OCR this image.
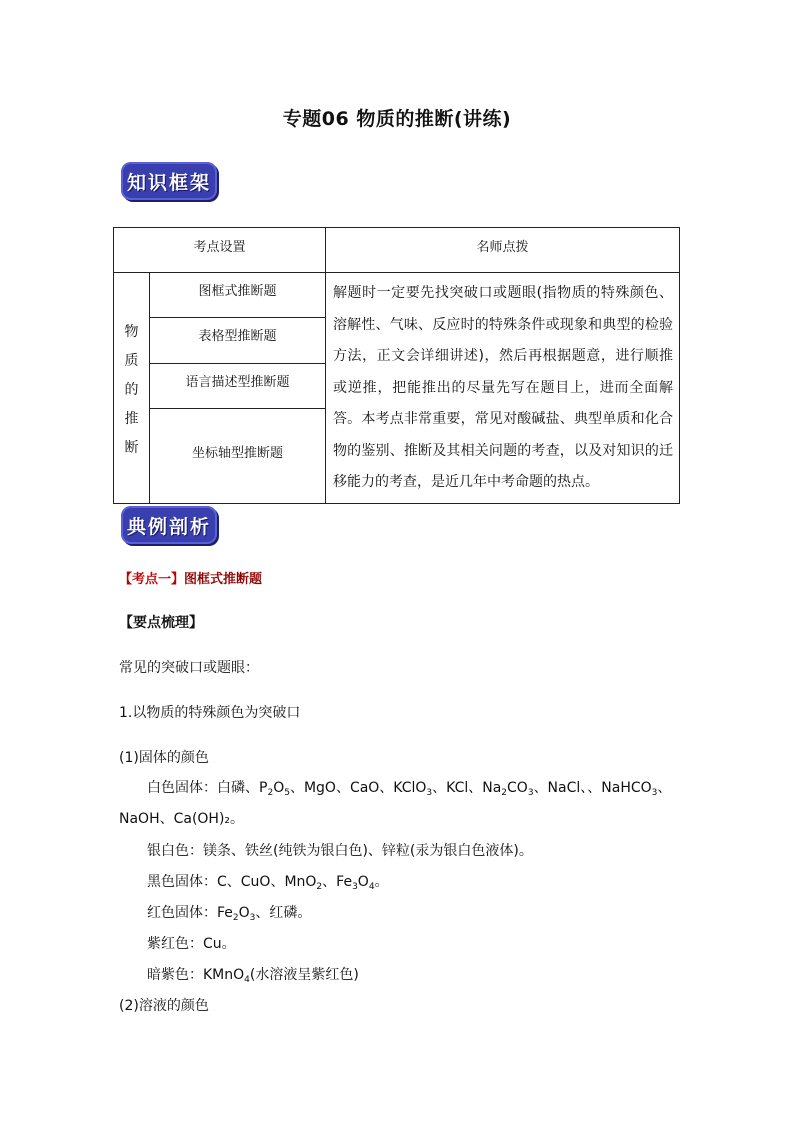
专题06 物质的推断(讲练)
知识框架
考点设置	名师点拨
物
质
的
推
断
图框式推断题
表格型推断题
语言描述型推断题
坐标轴型推断题
解题时一定要先找突破口或题眼(指物质的特殊颜色、溶解性、气味、反应时的特殊条件或现象和典型的检验方法，正文会详细讲述)，然后再根据题意，进行顺推或逆推，把能推出的尽量先写在题目上，进而全面解答。本考点非常重要，常见对酸碱盐、典型单质和化合物的鉴别、推断及其相关问题的考查，以及对知识的迁移能力的考查，是近几年中考命题的热点。
典例剖析
【考点一】图框式推断题
【要点梳理】
常见的突破口或题眼：
1.以物质的特殊颜色为突破口
(1)固体的颜色
白色固体：白磷、$P_2O_5$、MgO、CaO、KClO$_3$、KCl、$Na_2CO_3$、NaCl、、NaHCO$_3$、
NaOH、Ca(OH)₂。
银白色：镁条、铁丝(纯铁为银白色)、锌粒(汞为银白色液体)。
黑色固体：C、CuO、MnO$_2$、$Fe_3O_4$。
红色固体：$Fe_2O_3$、红磷。
紫红色：Cu。
暗紫色：KMnO$_4$(水溶液呈紫红色)
(2)溶液的颜色
